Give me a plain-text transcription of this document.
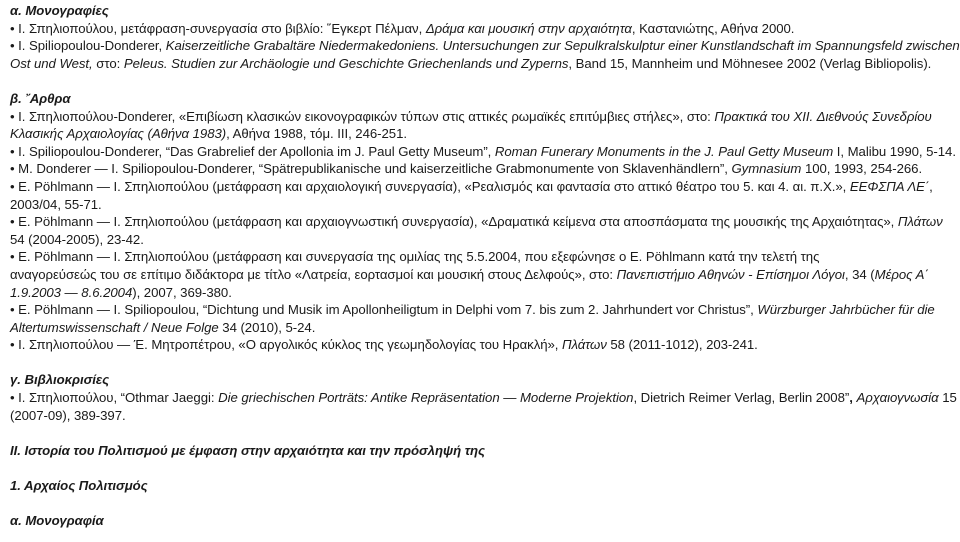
α. Μονογραφίες
• Ι. Σπηλιοπούλου, μετάφραση-συνεργασία στο βιβλίο: ῞Εγκερτ Πέλμαν, Δράμα και μουσική στην αρχαιότητα, Καστανιώτης, Αθήνα 2000.
• I. Spiliopoulou-Donderer, Kaiserzeitliche Grabaltäre Niedermakedoniens. Untersuchungen zur Sepulkralskulptur einer Kunstlandschaft im Spannungsfeld zwischen
Ost und West, στο: Peleus. Studien zur Archäologie und Geschichte Griechenlands und Zyperns, Band 15, Mannheim und Möhnesee 2002 (Verlag Bibliopolis).
β. ῎Αρθρα
• Ι. Σπηλιοπούλου-Donderer, «Επιβίωση κλασικών εικονογραφικών τύπων στις αττικές ρωμαϊκές επιτύμβιες στήλες», στο: Πρακτικά του XII. Διεθνούς Συνεδρίου
Κλασικής Αρχαιολογίας (Αθήνα 1983), Αθήνα 1988, τόμ. III, 246-251.
• I. Spiliopoulou-Donderer, “Das Grabrelief der Apollonia im J. Paul Getty Museum”, Roman Funerary Monuments in the J. Paul Getty Museum I, Malibu 1990, 5-14.
• M. Donderer — I. Spiliopoulou-Donderer, “Spätrepublikanische und kaiserzeitliche Grabmonumente von Sklavenhändlern”, Gymnasium 100, 1993, 254-266.
• E. Pöhlmann — I. Σπηλιοπούλου (μετάφραση και αρχαιολογική συνεργασία), «Ρεαλισμός και φαντασία στο αττικό θέατρο του 5. και 4. αι. π.Χ.», ΕΕΦΣΠΑ ΛΕ΄,
2003/04, 55-71.
• E. Pöhlmann — I. Σπηλιοπούλου (μετάφραση και αρχαιογνωστική συνεργασία), «Δραματικά κείμενα στα αποσπάσματα της μουσικής της Αρχαιότητας», Πλάτων
54 (2004-2005), 23-42.
• E. Pöhlmann — I. Σπηλιοπούλου (μετάφραση και συνεργασία της ομιλίας της 5.5.2004, που εξεφώνησε ο E. Pöhlmann κατά την τελετή της
αναγορεύσεώς του σε επίτιμο διδάκτορα με τίτλο «Λατρεία, εορτασμοί και μουσική στους Δελφούς», στο: Πανεπιστήμιο Αθηνών - Επίσημοι Λόγοι, 34 (Μέρος Α΄
1.9.2003 — 8.6.2004), 2007, 369-380.
• E. Pöhlmann — I. Spiliopoulou, “Dichtung und Musik im Apollonheiligtum in Delphi vom 7. bis zum 2. Jahrhundert vor Christus”, Würzburger Jahrbücher für die
Altertumswissenschaft / Neue Folge 34 (2010), 5-24.
• I. Σπηλιοπούλου — Έ. Μητροπέτρου, «Ο αργολικός κύκλος της γεωμηδολογίας του Ηρακλή», Πλάτων 58 (2011-1012), 203-241.
γ. Βιβλιοκρισίες
• I. Σπηλιοπούλου, “Othmar Jaeggi: Die griechischen Porträts: Antike Repräsentation — Moderne Projektion, Dietrich Reimer Verlag, Berlin 2008”, Αρχαιογνωσία 15
(2007-09), 389-397.
II. Ιστορία του Πολιτισμού με έμφαση στην αρχαιότητα και την πρόσληψή της
1. Αρχαίος Πολιτισμός
α. Μονογραφία
